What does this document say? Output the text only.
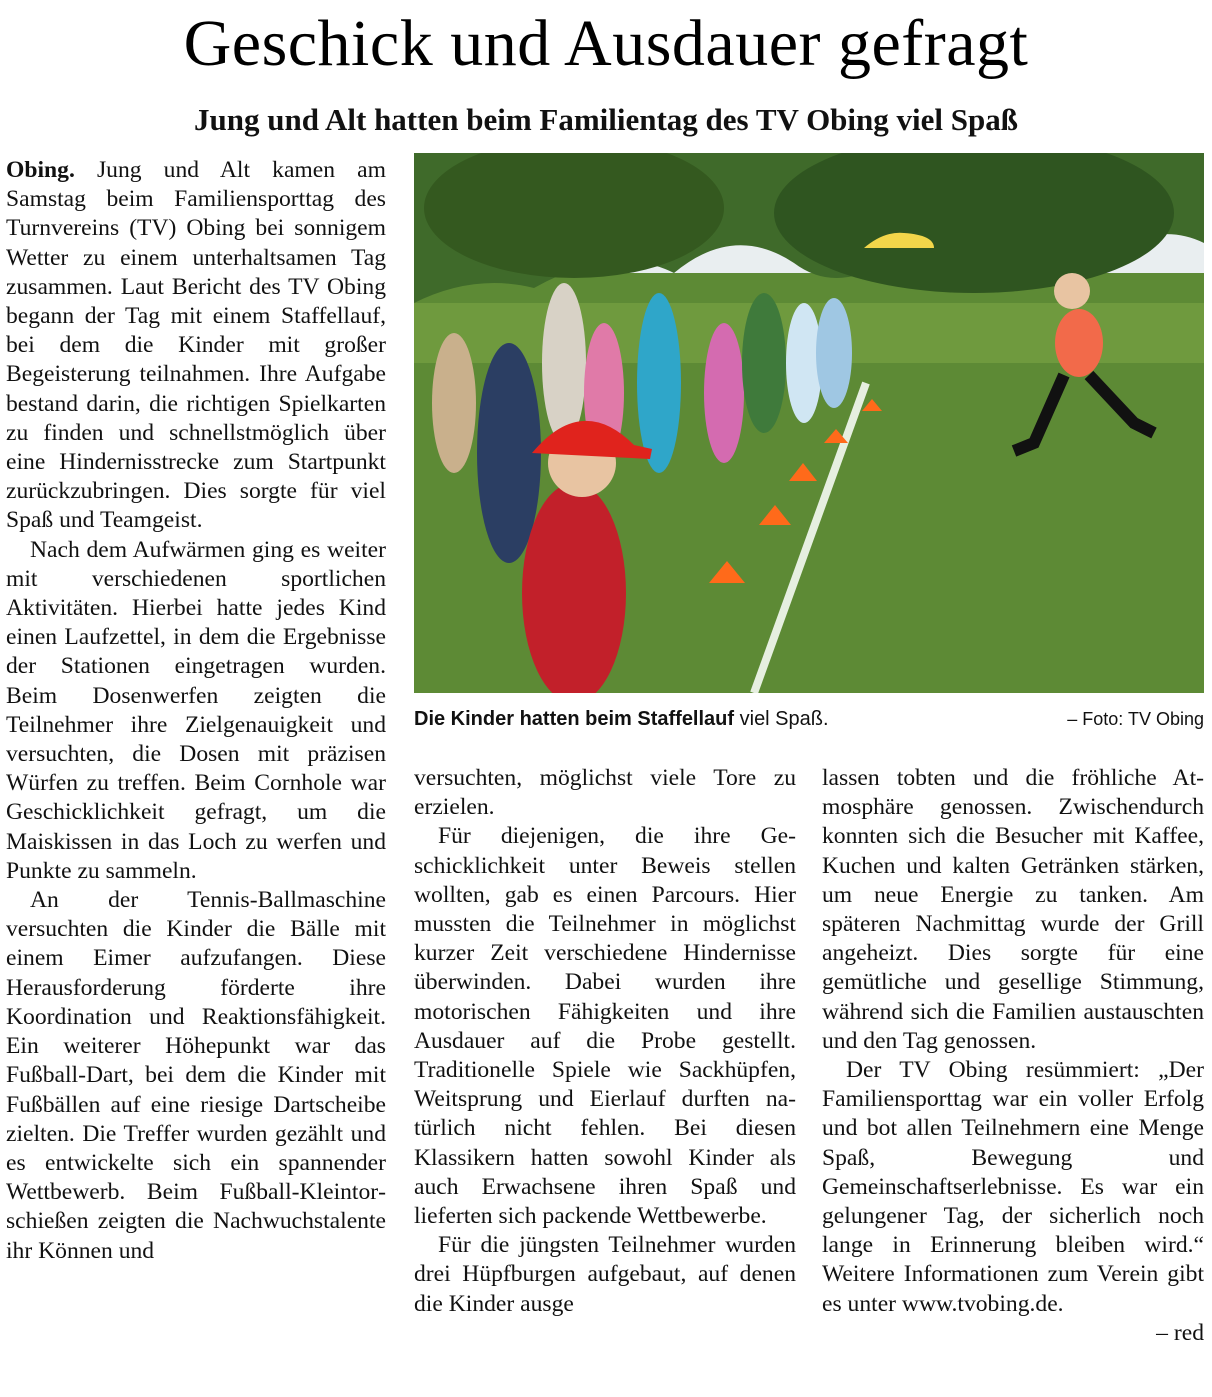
Geschick und Ausdauer gefragt
Jung und Alt hatten beim Familientag des TV Obing viel Spaß

Obing. Jung und Alt kamen am Samstag beim Familiensporttag des Turnvereins (TV) Obing bei sonnigem Wetter zu einem unterhaltsamen Tag zusammen. Laut Bericht des TV Obing begann der Tag mit einem Staffellauf, bei dem die Kinder mit großer Begeisterung teilnahmen. Ihre Aufgabe bestand darin, die richtigen Spielkarten zu finden und schnellstmöglich über eine Hindernisstrecke zum Startpunkt zurückzubringen. Dies sorgte für viel Spaß und Teamgeist.

Nach dem Aufwärmen ging es weiter mit verschiedenen sportlichen Aktivitäten. Hierbei hatte jedes Kind einen Laufzettel, in dem die Ergebnisse der Stationen eingetragen wurden. Beim Dosenwerfen zeigten die Teilnehmer ihre Zielgenauigkeit und versuchten, die Dosen mit präzisen Würfen zu treffen. Beim Cornhole war Geschicklichkeit gefragt, um die Maiskissen in das Loch zu werfen und Punkte zu sammeln.

An der Tennis-Ballmaschine versuchten die Kinder die Bälle mit einem Eimer aufzufangen. Diese Herausforderung förderte ihre Koordination und Reaktionsfähigkeit. Ein weiterer Höhepunkt war das Fußball-Dart, bei dem die Kinder mit Fußbällen auf eine riesige Dartscheibe zielten. Die Treffer wurden gezählt und es entwickelte sich ein spannender Wettbewerb. Beim Fußball-Kleintorschießen zeigten die Nachwuchstalente ihr Können und

Die Kinder hatten beim Staffellauf viel Spaß.	– Foto: TV Obing

versuchten, möglichst viele Tore zu erzielen.

Für diejenigen, die ihre Geschicklichkeit unter Beweis stellen wollten, gab es einen Parcours. Hier mussten die Teilnehmer in möglichst kurzer Zeit verschiedene Hindernisse überwinden. Dabei wurden ihre motorischen Fähigkeiten und ihre Ausdauer auf die Probe gestellt. Traditionelle Spiele wie Sackhüpfen, Weitsprung und Eierlauf durften natürlich nicht fehlen. Bei diesen Klassikern hatten sowohl Kinder als auch Erwachsene ihren Spaß und lieferten sich packende Wettbewerbe.

Für die jüngsten Teilnehmer wurden drei Hüpfburgen aufgebaut, auf denen die Kinder ausge

lassen tobten und die fröhliche Atmosphäre genossen. Zwischendurch konnten sich die Besucher mit Kaffee, Kuchen und kalten Getränken stärken, um neue Energie zu tanken. Am späteren Nachmittag wurde der Grill angeheizt. Dies sorgte für eine gemütliche und gesellige Stimmung, während sich die Familien austauschten und den Tag genossen.

Der TV Obing resümmiert: „Der Familiensporttag war ein voller Erfolg und bot allen Teilnehmern eine Menge Spaß, Bewegung und Gemeinschaftserlebnisse. Es war ein gelungener Tag, der sicherlich noch lange in Erinnerung bleiben wird.“ Weitere Informationen zum Verein gibt es unter www.tvobing.de.

– red
